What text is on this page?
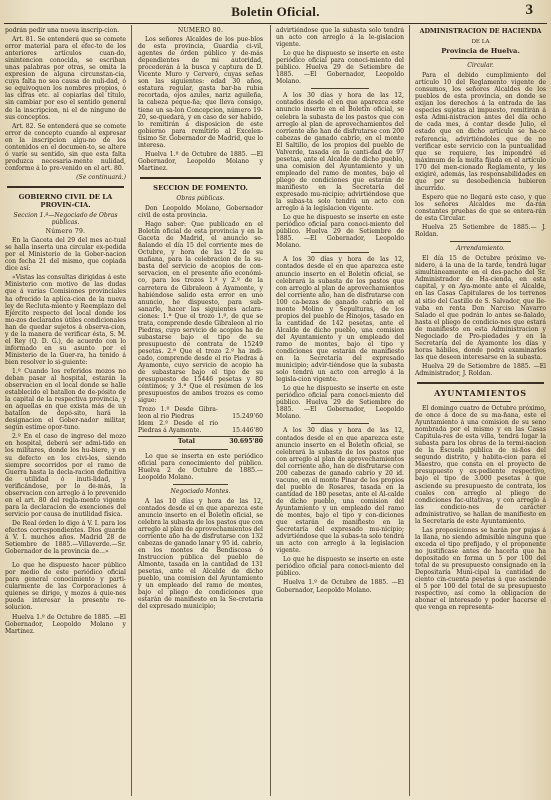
Boletin Oficial.	3

podrán pedir una nueva inscrip-cion.

Art. 81. Se entenderá que se comete error material para el efec-to de los anteriores artículos cuan-do, sinintencion conocida, se escriban unas palabras por otras, se omita la expresion de alguna circunstan-cia, cuya falta no sea causa de nuli-dad, ó se equivoquen los nombres propios, ó las cifras etc. al copiarlas del título, sin cambiar por eso el sentido general de la inscripcion, ni el de ninguno de sus conceptos.

Art. 82. Se entenderá que se comete error de concepto cuando al expresar en la inscripcion algu-no de los contenidos en el documen-to, se altere ó varíe su sentido, sin que esta falta produzca necesaria-mente nulidad, conforme á lo pre-venido en el art. 80.

(Se continuará.)

GOBIERNO CIVIL DE LA PROVIN-CIA.

Seccion 1.ª—Negociado de Obras públicas.

Número 79.

En la Gaceta del 29 del mes ac-tual se halla inserta una circular ex-pedida por el Ministerio de la Gober-nacion con fecha 21 del mismo, que copiada dice así:

«Vistas las consultas dirigidas á este Ministerio con motivo de las dudas que á varias Comisiones provinciales ha ofrecido la aplica-cion de la nueva ley de Recluta-miento y Reemplazo del Ejército respecto del local donde los mo-zos declarados útiles condicionales han de quedar sujetos á observa-cion, y de la manera de verificar ésta, S. M. el Rey (Q. D. G.), de acuerdo con lo informado en su asunto por el Ministerio de la Guer-ra, ha tenido á bien resolver lo si-guiente:

1.º Cuando los referidos mozos no deban pasar al hospital, estarán la observacion en el local donde se halle establecido el batallon de de-pósito de la capital de la respectiva provincia, y en aquellas en que exista más de un batallon de depó-sito, hará la designacion el Gober-nador militar, según estime opor-tuno.

2.º En el caso de ingreso del mozo en hospital, deberá ser admi-tido en los militares, donde los hu-biere, y en su defecto en los civi-les, siendo siempre socorridos por el ramo de Guerra hasta la decla-racion definitiva de utilidad ó inuti-lidad, y verificándose, por lo de-más, la observacion con arreglo á lo prevenido en el art. 80 del regla-mento vigente para la declaracion de exenciones del servicio por causa de inutilidad física.

De Real órden lo digo á V. I. para los efectos correspondientes. Dios guarde á V. I. muchos años. Madrid 28 de Setiembre de 1885.—Villaverde.—Sr. Gobernador de la provincia de...»

Lo que he dispuesto hacer público por medio de este periódico oficial para general conocimiento y parti-cularmente de las Corporaciones á quienes se dirige, y mozos á quie-nes pueda interesar la presente re-solucion.

Huelva 1.º de Octubre de 1885. —El Gobernador, Leopoldo Molano y Martinez.

NÚMERO 80.

Los señores Alcaldes de los pue-blos de esta provincia, Guardia ci-vil, agentes de órden público y de-más dependientes de mi autoridad, procederán á la busca y captura de D. Vicente Muro y Cerveró, cuyas señas son las siguientes: edad 30 años, estatura regular, gasta bar-ba rubia recortada, ojos azules, nariz aguileña, la cabeza peque-ña; que lleva consigo, tiene un sa-lon Concepcion, número 19-20, se-quedará, y en caso de ser habido, lo remitirán á disposicion de este gobierno para remitirlo al Excelen-tísimo Sr. Gobernador de Madrid, que lo interesa.

Huelva 1.º de Octubre de 1885. —El Gobernador, Leopoldo Molano y Martinez.

SECCION DE FOMENTO.

Obras públicas.

Don Leopoldo Molano, Gobernador civil de esta provincia.

Hago saber: Que publicado en el Boletín oficial de esta provincia y en la Gaceta de Madrid, el anuncio se-ñalando el día 15 del corriente mes de Octubre, y hora de las 12 de su mañana, para la celebracion de la su-basta del servicio de acopios de con-servacion, en el presente año económi-co, para los trozos 1.º y 2.º de la carretera de Gibraleon á Ayamonte, y habiéndose salido esta error en uno anuncio, he dispuesto, para sub-sanarle, hacer las siguientes aclara-ciones: 1.ª Que el trozo 1.º, de que se trata, comprende desde Gibraleon al rio Piedras, cuyo servicio de acopios ha de subastarse bajo el tipo de su presupuesto de contrata de 15249 pesetas. 2.ª Que el trozo 2.º ha indi-cado, comprende desde el rio Piedras á Ayamonte, cuyo servicio de acopio ha de subastarse bajo el tipo de su presupuesto de 15446 pesetas y 80 céntimos; y 3.ª Que el resúmen de los presupuestos de ambos trozos es como sigue:

Trozo 1.º Desde Gibra-leon al rio Piedras	15.249'60
Idem 2.º Desde el rio Piedras á Ayamonte.	15.446'80
Total	30.695'80

Lo que se inserta en este periódico oficial para conocimiento del público. Huelva 2 de Octubre de 1885.— Leopoldo Molano.

Negociado Montes.

A las 10 días y hora de las 12, contados desde el en que aparezca este anuncio inserto en el Boletín oficial, se celebra la subasta de los pastos que con arreglo al plan de aprovechamientos del corriente año ha de disfrutarse con 132 cabezas de ganado lanar y 95 id. cabrío, en los montes de Bendiscosa ó Instruccion pública del pueblo de Almonte, tasada en la cantidad de 131 pesetas, ante el Alcalde de dicho pueblo, una comision del Ayuntamiento y un empleado del ramo de montes, bajo el pliego de condiciones que estarán de manifiesto en la Se-cretaría del expresado municipio;

advirtiéndose que la subasta solo tendrá un acto con arreglo á la le-gislacion vigente.

Lo que he dispuesto se inserte en este periódico oficial para conoci-miento del público. Huelva 29 de Setiembre de 1885. —El Gobernador, Leopoldo Molano.

A los 30 días y hora de las 12, contados desde el en que aparezca este anuncio inserto en el Boletín oficial, se celebra la subasta de los pastos que con arreglo al plan de aprovechamientos del corriente año han de disfrutarse con 200 cabezas de ganado cabrío, en el monte El Saltillo, de los propios del pueblo de Valverde, tasada en la canti-dad de 97 pesetas, ante el Alcalde de dicho pueblo, una comision del Ayuntamiento y un empleado del ramo de montes, bajo el pliego de condiciones que estarán de manifiesto en la Secretaría del expresado mu-nicipio; advirtiéndose que la subas-ta solo tendrá un acto con arreglo á la legislacion vigente.

Lo que he dispuesto se inserte en este periódico oficial para conoci-miento del público. Huelva 29 de Setiembre de 1885. —El Gobernador, Leopoldo Molano.

A los 30 días y hora de las 12, contados desde el en que aparezca este anuncio inserto en el Boletín oficial, se celebrará la subasta de los pastos que con arreglo al plan de aprovechamientos del corriente año, han de disfrutarse con 100 ca-bezas de ganado cabrío en el monte Molino y Sepulturas, de los propios del pueblo de Hinojos, tasado en la cantidad de 142 pesetas, ante el Alcalde de dicho pueblo, una comision del Ayuntamiento y un empleado del ramo de montes, bajo el tipo y condiciones que estarán de manifiesto en la Secretaría del expresado municipio; advir-tiéndose que la subasta solo tendrá un acto con arreglo á la legisla-cion vigente.

Lo que he dispuesto se inserte en este periódico oficial para conoci-miento del público. Huelva 29 de Setiembre de 1885. —El Gobernador, Leopoldo Molano.

A los 30 días y hora de las 12, contados desde el en que aparezca este anuncio inserto en el Boletín oficial, se celebrará la subasta de los pastos que con arreglo al plan de aprovechamientos del corriente año, han de disfrutarse con 200 cabezas de ganado cabrío y 20 id. vacuno, en el monte Pinar de los propios del pueblo de Rosares, tasada en la cantidad de 180 pesetas, ante el Al-calde de dicho pueblo, una comision del Ayuntamiento y un empleado del ramo de montes, bajo el tipo y con-diciones que estarán de manifiesto en la Secretaría del expresado mu-nicipio; advirtiéndose que la subas-ta solo tendrá un acto con arreglo á la legislacion vigente.

Lo que he dispuesto se inserte en este periódico oficial para conoci-miento del público.

Huelva 1.º de Octubre de 1885. —El Gobernador, Leopoldo Molano.

ADMINISTRACION DE HACIENDA
DE LA
Provincia de Huelva.

Circular.

Para el debido cumplimiento del artículo 10 del Reglamento vigente de consumos, los señores Alcaldes de los pueblos de esta provincia, en donde se exijan los derechos á la entrada de las especies sujetas al impuesto, remitirán á esta Admi-nistracion antes del día ocho de cada mes, á contar desde Julio, el estado que en dicho artículo se ha-ce referencia, advirtiéndoles que de no verificar este servicio con la puntualidad que se requiere, les impondré el máximum de la multa fijada en el artículo 170 del men-cionado Reglamento, y les exigiré, además, las responsabilidades en que por su desobediencia hubieren incurrido.

Espero que no llegará este caso, y que los señores Alcaldes me da-rán constantes pruebas de que se entera-rán de esta Circular.

Huelva 25 Setiembre de 1885.— J. Roldan.

Arrendamiento.

El día 15 de Octubre próximo ve-nidero, á la una de la tarde, tendrá lugar simultáneamente en el des-pacho del Sr. Administrador de Ha-cienda, en esta capital, y en Aya-monte ante el Alcalde, en las Casas Capitulares de los terrenos al sitio del Castillo de S. Salvador, que lle-vaba en renta Don Narciso Navarro Salado el que podrán lo antes se-ñalado, hasta el pliego de condicio-nes que estará de manifiesto en esta Administracion y Negociado de Pro-piedades y en la Secretaría del de Ayamonte los días y horas hábiles, donde podrá examinarlos las que deseen interesarse en la subasta.

Huelva 29 de Setiembre de 1885. —El Administrador, J. Roldan.

AYUNTAMIENTOS

El domingo cuatro de Octubre próximo, de once á doce de su ma-ñana, este el Ayuntamiento á una comision de su seno nombrada por el mismo y en las Casas Capitula-res de esta villa, tendrá lugar la subasta para los obras de la termi-nacion de la Escuela pública de ni-ños del segundo distrito, y habita-cion para el Maestro, que consta en el proyecto de presupuesto y ex-pediente respectivo, bajo el tipo de 3.000 pesetas á que asciende su presupuesto de contrata, los cuales con arreglo al pliego de condiciones fac-ultativas, y con arreglo á las condicio-nes de carácter administrativo, se hallan de manifiesto en la Secretaría de este Ayuntamiento.

Las proposiciones se harán por pujas á la llana, no siendo admisible ninguna que exceda el tipo prefijado, y el proponente no justificase antes de hacerla que ha depositado en forma un 5 por 100 del total de su presupuesto consignado en la Depositaría Muni-cipal la cantidad de ciento cin-cuenta pesetas á que asciende el 5 por 100 del total de su presupuesto respectivo, así como la obligacion de abonar el interesado y poder hacerse el que venga en representa-
